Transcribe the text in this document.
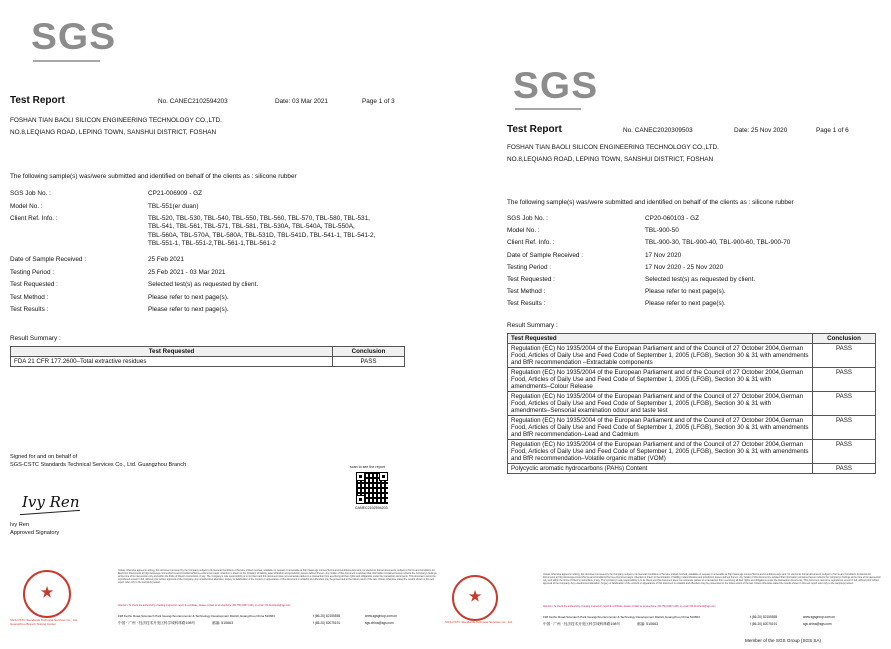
SGS
Test Report	No. CANEC2102594203	Date: 03 Mar 2021	Page 1 of 3
FOSHAN TIAN BAOLI SILICON ENGINEERING TECHNOLOGY CO.,LTD.
NO.8,LEQIANG ROAD, LEPING TOWN, SANSHUI DISTRICT, FOSHAN
The following sample(s) was/were submitted and identified on behalf of the clients as : silicone rubber
SGS Job No. :	CP21-006909 - GZ
Model No. :	TBL-551(er duan)
Client Ref. Info. :	TBL-520, TBL-530, TBL-540, TBL-550, TBL-560, TBL-570, TBL-580, TBL-531,
TBL-541, TBL-561, TBL-571, TBL-581, TBL-530A, TBL-540A, TBL-550A,
TBL-560A, TBL-570A, TBL-580A, TBL-531D, TBL-541D, TBL-541-1, TBL-541-2,
TBL-551-1, TBL-551-2,TBL-561-1,TBL-561-2
Date of Sample Received :	25 Feb 2021
Testing Period :	25 Feb 2021 - 03 Mar 2021
Test Requested :	Selected test(s) as requested by client.
Test Method :	Please refer to next page(s).
Test Results :	Please refer to next page(s).
Result Summary :
Test Requested	Conclusion
FDA 21 CFR 177.2600–Total extractive residues	PASS
Signed for and on behalf of
SGS-CSTC Standards Technical Services Co., Ltd. Guangzhou Branch
Ivy Ren
Ivy Ren
Approved Signatory
scan to see the report
CANEC2102594203
★
SGS-CSTC Standards Technical Services Co., Ltd.
Guangzhou Branch Testing Center
Unless otherwise agreed in writing, this document is issued by the Company subject to its General Conditions of Service printed overleaf, available on request or accessible at http://www.sgs.com/en/Terms-and-Conditions.aspx and, for electronic format documents, subject to Terms and Conditions for Electronic Documents at http://www.sgs.com/en/Terms-and-Conditions/Terms-e-Document.aspx. Attention is drawn to the limitation of liability, indemnification and jurisdiction issues defined therein. Any holder of this document is advised that information contained hereon reflects the Company's findings at the time of its intervention only and within the limits of Client's instructions, if any. The Company's sole responsibility is to its Client and this document does not exonerate parties to a transaction from exercising all their rights and obligations under the transaction documents. This document cannot be reproduced except in full, without prior written approval of the Company. Any unauthorized alteration, forgery or falsification of the content or appearance of this document is unlawful and offenders may be prosecuted to the fullest extent of the law. Unless otherwise stated the results shown in this test report refer only to the sample(s) tested.
Attention: To check the authenticity of testing /inspection report & certificate, please contact us at telephone: (86-755) 8307 1443, or email: CN.Doccheck@sgs.com
198 Kezhu Road,Scientech Park Guangzhou Economic & Technology Development District,Guangzhou,China 510663
中国 · 广州 · 经济技术开发区科学城科珠路198号	邮编: 510663
t (86-20) 82155555
f (86-20) 82075191
www.sgsgroup.com.cn
sgs.china@sgs.com
SGS
Test Report	No. CANEC2020309503	Date: 25 Nov 2020	Page 1 of 6
FOSHAN TIAN BAOLI SILICON ENGINEERING TECHNOLOGY CO.,LTD.
NO.8,LEQIANG ROAD, LEPING TOWN, SANSHUI DISTRICT, FOSHAN
The following sample(s) was/were submitted and identified on behalf of the clients as : silicone rubber
SGS Job No. :	CP20-060103 - GZ
Model No. :	TBL-900-50
Client Ref. Info. :	TBL-900-30, TBL-900-40, TBL-900-60, TBL-900-70
Date of Sample Received :	17 Nov 2020
Testing Period :	17 Nov 2020 - 25 Nov 2020
Test Requested :	Selected test(s) as requested by client.
Test Method :	Please refer to next page(s).
Test Results :	Please refer to next page(s).
Result Summary :
Test Requested	Conclusion
Regulation (EC) No 1935/2004 of the European Parliament and of the Council of 27 October 2004,German Food, Articles of Daily Use and Feed Code of September 1, 2005 (LFGB), Section 30 & 31 with amendments and BfR recommendation –Extractable components	PASS
Regulation (EC) No 1935/2004 of the European Parliament and of the Council of 27 October 2004,German Food, Articles of Daily Use and Feed Code of September 1, 2005 (LFGB), Section 30 & 31 with amendments–Colour Release	PASS
Regulation (EC) No 1935/2004 of the European Parliament and of the Council of 27 October 2004,German Food, Articles of Daily Use and Feed Code of September 1, 2005 (LFGB), Section 30 & 31 with amendments–Sensorial examination odour and taste test	PASS
Regulation (EC) No 1935/2004 of the European Parliament and of the Council of 27 October 2004,German Food, Articles of Daily Use and Feed Code of September 1, 2005 (LFGB), Section 30 & 31 with amendments and BfR recommendation–Lead and Cadmium	PASS
Regulation (EC) No 1935/2004 of the European Parliament and of the Council of 27 October 2004,German Food, Articles of Daily Use and Feed Code of September 1, 2005 (LFGB), Section 30 & 31 with amendments and BfR recommendation–Volatile organic matter (VOM)	PASS
Polycyclic aromatic hydrocarbons (PAHs) Content	PASS
★
SGS-CSTC Standards Technical Services Co., Ltd.
Unless otherwise agreed in writing, this document is issued by the Company subject to its General Conditions of Service printed overleaf, available on request or accessible at http://www.sgs.com/en/Terms-and-Conditions.aspx and, for electronic format documents, subject to Terms and Conditions for Electronic Documents at http://www.sgs.com/en/Terms-and-Conditions/Terms-e-Document.aspx. Attention is drawn to the limitation of liability, indemnification and jurisdiction issues defined therein. Any holder of this document is advised that information contained hereon reflects the Company's findings at the time of its intervention only and within the limits of Client's instructions, if any. The Company's sole responsibility is to its Client and this document does not exonerate parties to a transaction from exercising all their rights and obligations under the transaction documents. This document cannot be reproduced except in full, without prior written approval of the Company. Any unauthorized alteration, forgery or falsification of the content or appearance of this document is unlawful and offenders may be prosecuted to the fullest extent of the law. Unless otherwise stated the results shown in this test report refer only to the sample(s) tested.
Attention: To check the authenticity of testing /inspection report & certificate, please contact us at telephone: (86-755) 8307 1443, or email: CN.Doccheck@sgs.com
198 Kezhu Road,Scientech Park Guangzhou Economic & Technology Development District,Guangzhou,China 510663
中国 · 广州 · 经济技术开发区科学城科珠路198号	邮编: 510663
t (86-20) 82155555
f (86-20) 82075191
www.sgsgroup.com.cn
sgs.china@sgs.com
Member of the SGS Group (SGS SA)
